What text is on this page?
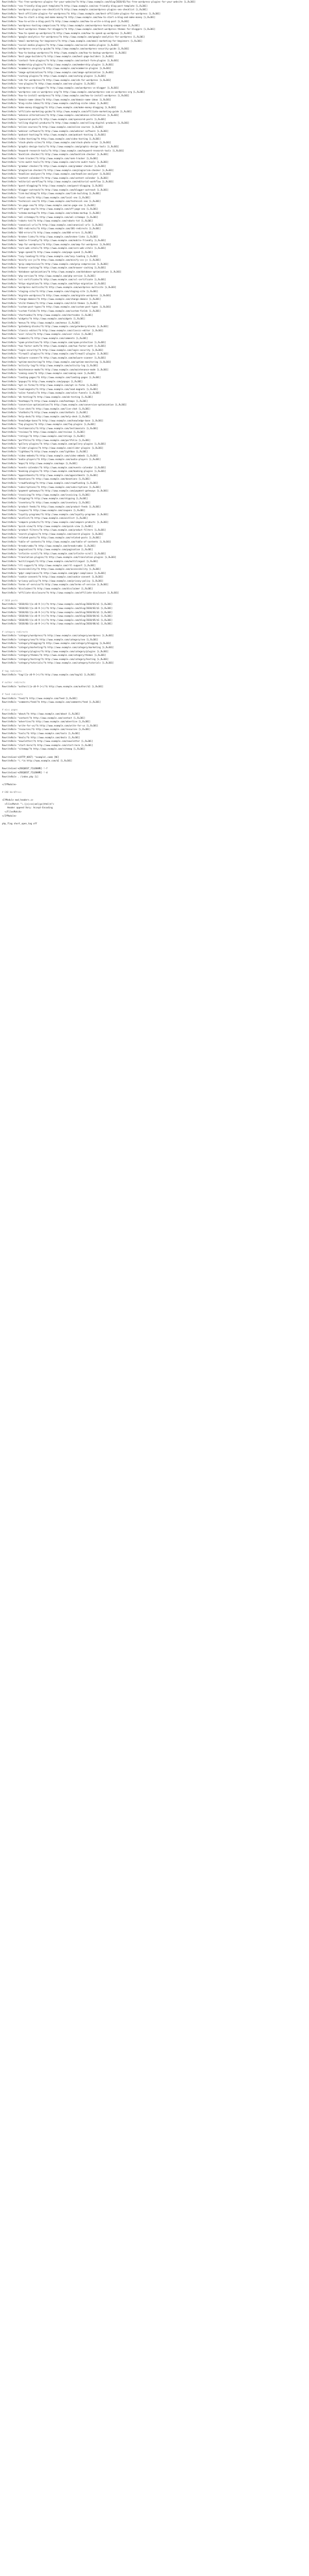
RewriteRule ^foc-free-wordpress-plugins-for-your-website/?$ http://www.example.com/blog/2018/01/foc-free-wordpress-plugins-for-your-website [L,R=301]
RewriteRule ^seo-friendly-blog-post-template/?$ http://www.example.com/seo-friendly-blog-post-template [L,R=301]
RewriteRule ^wordpress-plugins-seo-checklist/?$ http://www.example.com/wordpress-plugins-seo-checklist [L,R=301]
RewriteRule ^best-affiliate-plugins-for-wordpress/?$ http://www.example.com/best-affiliate-plugins-for-wordpress [L,R=301]
RewriteRule ^how-to-start-a-blog-and-make-money/?$ http://www.example.com/how-to-start-a-blog-and-make-money [L,R=301]
RewriteRule ^how-to-write-a-blog-post/?$ http://www.example.com/how-to-write-a-blog-post [L,R=301]
RewriteRule ^wordpress-hosting-comparison/?$ http://www.example.com/wordpress-hosting-comparison [L,R=301]
RewriteRule ^best-wordpress-themes-for-bloggers/?$ http://www.example.com/best-wordpress-themes-for-bloggers [L,R=301]
RewriteRule ^how-to-speed-up-wordpress/?$ http://www.example.com/how-to-speed-up-wordpress [L,R=301]
RewriteRule ^google-analytics-for-wordpress/?$ http://www.example.com/google-analytics-for-wordpress [L,R=301]
RewriteRule ^email-marketing-for-beginners/?$ http://www.example.com/email-marketing-for-beginners [L,R=301]
RewriteRule ^social-media-plugins/?$ http://www.example.com/social-media-plugins [L,R=301]
RewriteRule ^wordpress-security-guide/?$ http://www.example.com/wordpress-security-guide [L,R=301]
RewriteRule ^how-to-backup-wordpress/?$ http://www.example.com/how-to-backup-wordpress [L,R=301]
RewriteRule ^best-page-builders/?$ http://www.example.com/best-page-builders [L,R=301]
RewriteRule ^contact-form-plugins/?$ http://www.example.com/contact-form-plugins [L,R=301]
RewriteRule ^membership-plugins/?$ http://www.example.com/membership-plugins [L,R=301]
RewriteRule ^ecommerce-plugins/?$ http://www.example.com/ecommerce-plugins [L,R=301]
RewriteRule ^image-optimization/?$ http://www.example.com/image-optimization [L,R=301]
RewriteRule ^caching-plugins/?$ http://www.example.com/caching-plugins [L,R=301]
RewriteRule ^cdn-for-wordpress/?$ http://www.example.com/cdn-for-wordpress [L,R=301]
RewriteRule ^seo-plugins/?$ http://www.example.com/seo-plugins [L,R=301]
RewriteRule ^wordpress-vs-blogger/?$ http://www.example.com/wordpress-vs-blogger [L,R=301]
RewriteRule ^wordpress-com-vs-wordpress-org/?$ http://www.example.com/wordpress-com-vs-wordpress-org [L,R=301]
RewriteRule ^how-to-install-wordpress/?$ http://www.example.com/how-to-install-wordpress [L,R=301]
RewriteRule ^domain-name-ideas/?$ http://www.example.com/domain-name-ideas [L,R=301]
RewriteRule ^blog-niche-ideas/?$ http://www.example.com/blog-niche-ideas [L,R=301]
RewriteRule ^make-money-blogging/?$ http://www.example.com/make-money-blogging [L,R=301]
RewriteRule ^affiliate-marketing-guide/?$ http://www.example.com/affiliate-marketing-guide [L,R=301]
RewriteRule ^adsense-alternatives/?$ http://www.example.com/adsense-alternatives [L,R=301]
RewriteRule ^sponsored-posts/?$ http://www.example.com/sponsored-posts [L,R=301]
RewriteRule ^selling-digital-products/?$ http://www.example.com/selling-digital-products [L,R=301]
RewriteRule ^online-courses/?$ http://www.example.com/online-courses [L,R=301]
RewriteRule ^webinar-software/?$ http://www.example.com/webinar-software [L,R=301]
RewriteRule ^podcast-hosting/?$ http://www.example.com/podcast-hosting [L,R=301]
RewriteRule ^video-hosting/?$ http://www.example.com/video-hosting [L,R=301]
RewriteRule ^stock-photo-sites/?$ http://www.example.com/stock-photo-sites [L,R=301]
RewriteRule ^graphic-design-tools/?$ http://www.example.com/graphic-design-tools [L,R=301]
RewriteRule ^keyword-research-tools/?$ http://www.example.com/keyword-research-tools [L,R=301]
RewriteRule ^backlink-checker/?$ http://www.example.com/backlink-checker [L,R=301]
RewriteRule ^rank-tracker/?$ http://www.example.com/rank-tracker [L,R=301]
RewriteRule ^site-audit-tools/?$ http://www.example.com/site-audit-tools [L,R=301]
RewriteRule ^grammar-checker/?$ http://www.example.com/grammar-checker [L,R=301]
RewriteRule ^plagiarism-checker/?$ http://www.example.com/plagiarism-checker [L,R=301]
RewriteRule ^headline-analyzer/?$ http://www.example.com/headline-analyzer [L,R=301]
RewriteRule ^content-calendar/?$ http://www.example.com/content-calendar [L,R=301]
RewriteRule ^editorial-workflow/?$ http://www.example.com/editorial-workflow [L,R=301]
RewriteRule ^guest-blogging/?$ http://www.example.com/guest-blogging [L,R=301]
RewriteRule ^blogger-outreach/?$ http://www.example.com/blogger-outreach [L,R=301]
RewriteRule ^link-building/?$ http://www.example.com/link-building [L,R=301]
RewriteRule ^local-seo/?$ http://www.example.com/local-seo [L,R=301]
RewriteRule ^technical-seo/?$ http://www.example.com/technical-seo [L,R=301]
RewriteRule ^on-page-seo/?$ http://www.example.com/on-page-seo [L,R=301]
RewriteRule ^off-page-seo/?$ http://www.example.com/off-page-seo [L,R=301]
RewriteRule ^schema-markup/?$ http://www.example.com/schema-markup [L,R=301]
RewriteRule ^xml-sitemaps/?$ http://www.example.com/xml-sitemaps [L,R=301]
RewriteRule ^robots-txt/?$ http://www.example.com/robots-txt [L,R=301]
RewriteRule ^canonical-urls/?$ http://www.example.com/canonical-urls [L,R=301]
RewriteRule ^301-redirects/?$ http://www.example.com/301-redirects [L,R=301]
RewriteRule ^404-errors/?$ http://www.example.com/404-errors [L,R=301]
RewriteRule ^broken-links/?$ http://www.example.com/broken-links [L,R=301]
RewriteRule ^mobile-friendly/?$ http://www.example.com/mobile-friendly [L,R=301]
RewriteRule ^amp-for-wordpress/?$ http://www.example.com/amp-for-wordpress [L,R=301]
RewriteRule ^core-web-vitals/?$ http://www.example.com/core-web-vitals [L,R=301]
RewriteRule ^page-speed/?$ http://www.example.com/page-speed [L,R=301]
RewriteRule ^lazy-loading/?$ http://www.example.com/lazy-loading [L,R=301]
RewriteRule ^minify-css-js/?$ http://www.example.com/minify-css-js [L,R=301]
RewriteRule ^gzip-compression/?$ http://www.example.com/gzip-compression [L,R=301]
RewriteRule ^browser-caching/?$ http://www.example.com/browser-caching [L,R=301]
RewriteRule ^database-optimization/?$ http://www.example.com/database-optimization [L,R=301]
RewriteRule ^php-version/?$ http://www.example.com/php-version [L,R=301]
RewriteRule ^ssl-certificate/?$ http://www.example.com/ssl-certificate [L,R=301]
RewriteRule ^https-migration/?$ http://www.example.com/https-migration [L,R=301]
RewriteRule ^wordpress-multisite/?$ http://www.example.com/wordpress-multisite [L,R=301]
RewriteRule ^staging-site/?$ http://www.example.com/staging-site [L,R=301]
RewriteRule ^migrate-wordpress/?$ http://www.example.com/migrate-wordpress [L,R=301]
RewriteRule ^change-domain/?$ http://www.example.com/change-domain [L,R=301]
RewriteRule ^child-themes/?$ http://www.example.com/child-themes [L,R=301]
RewriteRule ^custom-post-types/?$ http://www.example.com/custom-post-types [L,R=301]
RewriteRule ^custom-fields/?$ http://www.example.com/custom-fields [L,R=301]
RewriteRule ^shortcodes/?$ http://www.example.com/shortcodes [L,R=301]
RewriteRule ^widgets/?$ http://www.example.com/widgets [L,R=301]
RewriteRule ^menus/?$ http://www.example.com/menus [L,R=301]
RewriteRule ^gutenberg-blocks/?$ http://www.example.com/gutenberg-blocks [L,R=301]
RewriteRule ^classic-editor/?$ http://www.example.com/classic-editor [L,R=301]
RewriteRule ^user-roles/?$ http://www.example.com/user-roles [L,R=301]
RewriteRule ^comments/?$ http://www.example.com/comments [L,R=301]
RewriteRule ^spam-protection/?$ http://www.example.com/spam-protection [L,R=301]
RewriteRule ^two-factor-auth/?$ http://www.example.com/two-factor-auth [L,R=301]
RewriteRule ^login-security/?$ http://www.example.com/login-security [L,R=301]
RewriteRule ^firewall-plugins/?$ http://www.example.com/firewall-plugins [L,R=301]
RewriteRule ^malware-scanner/?$ http://www.example.com/malware-scanner [L,R=301]
RewriteRule ^uptime-monitoring/?$ http://www.example.com/uptime-monitoring [L,R=301]
RewriteRule ^activity-log/?$ http://www.example.com/activity-log [L,R=301]
RewriteRule ^maintenance-mode/?$ http://www.example.com/maintenance-mode [L,R=301]
RewriteRule ^coming-soon/?$ http://www.example.com/coming-soon [L,R=301]
RewriteRule ^landing-pages/?$ http://www.example.com/landing-pages [L,R=301]
RewriteRule ^popups/?$ http://www.example.com/popups [L,R=301]
RewriteRule ^opt-in-forms/?$ http://www.example.com/opt-in-forms [L,R=301]
RewriteRule ^lead-magnets/?$ http://www.example.com/lead-magnets [L,R=301]
RewriteRule ^sales-funnels/?$ http://www.example.com/sales-funnels [L,R=301]
RewriteRule ^ab-testing/?$ http://www.example.com/ab-testing [L,R=301]
RewriteRule ^heatmaps/?$ http://www.example.com/heatmaps [L,R=301]
RewriteRule ^conversion-optimization/?$ http://www.example.com/conversion-optimization [L,R=301]
RewriteRule ^live-chat/?$ http://www.example.com/live-chat [L,R=301]
RewriteRule ^chatbots/?$ http://www.example.com/chatbots [L,R=301]
RewriteRule ^help-desk/?$ http://www.example.com/help-desk [L,R=301]
RewriteRule ^knowledge-base/?$ http://www.example.com/knowledge-base [L,R=301]
RewriteRule ^faq-plugins/?$ http://www.example.com/faq-plugins [L,R=301]
RewriteRule ^testimonials/?$ http://www.example.com/testimonials [L,R=301]
RewriteRule ^reviews/?$ http://www.example.com/reviews [L,R=301]
RewriteRule ^ratings/?$ http://www.example.com/ratings [L,R=301]
RewriteRule ^portfolio/?$ http://www.example.com/portfolio [L,R=301]
RewriteRule ^gallery-plugins/?$ http://www.example.com/gallery-plugins [L,R=301]
RewriteRule ^slider-plugins/?$ http://www.example.com/slider-plugins [L,R=301]
RewriteRule ^lightbox/?$ http://www.example.com/lightbox [L,R=301]
RewriteRule ^video-embeds/?$ http://www.example.com/video-embeds [L,R=301]
RewriteRule ^audio-players/?$ http://www.example.com/audio-players [L,R=301]
RewriteRule ^maps/?$ http://www.example.com/maps [L,R=301]
RewriteRule ^events-calendar/?$ http://www.example.com/events-calendar [L,R=301]
RewriteRule ^booking-plugins/?$ http://www.example.com/booking-plugins [L,R=301]
RewriteRule ^appointments/?$ http://www.example.com/appointments [L,R=301]
RewriteRule ^donations/?$ http://www.example.com/donations [L,R=301]
RewriteRule ^crowdfunding/?$ http://www.example.com/crowdfunding [L,R=301]
RewriteRule ^subscriptions/?$ http://www.example.com/subscriptions [L,R=301]
RewriteRule ^payment-gateways/?$ http://www.example.com/payment-gateways [L,R=301]
RewriteRule ^invoicing/?$ http://www.example.com/invoicing [L,R=301]
RewriteRule ^shipping/?$ http://www.example.com/shipping [L,R=301]
RewriteRule ^inventory/?$ http://www.example.com/inventory [L,R=301]
RewriteRule ^product-feeds/?$ http://www.example.com/product-feeds [L,R=301]
RewriteRule ^coupons/?$ http://www.example.com/coupons [L,R=301]
RewriteRule ^loyalty-programs/?$ http://www.example.com/loyalty-programs [L,R=301]
RewriteRule ^wishlist/?$ http://www.example.com/wishlist [L,R=301]
RewriteRule ^compare-products/?$ http://www.example.com/compare-products [L,R=301]
RewriteRule ^quick-view/?$ http://www.example.com/quick-view [L,R=301]
RewriteRule ^product-filters/?$ http://www.example.com/product-filters [L,R=301]
RewriteRule ^search-plugins/?$ http://www.example.com/search-plugins [L,R=301]
RewriteRule ^related-posts/?$ http://www.example.com/related-posts [L,R=301]
RewriteRule ^table-of-contents/?$ http://www.example.com/table-of-contents [L,R=301]
RewriteRule ^breadcrumbs/?$ http://www.example.com/breadcrumbs [L,R=301]
RewriteRule ^pagination/?$ http://www.example.com/pagination [L,R=301]
RewriteRule ^infinite-scroll/?$ http://www.example.com/infinite-scroll [L,R=301]
RewriteRule ^translation-plugins/?$ http://www.example.com/translation-plugins [L,R=301]
RewriteRule ^multilingual/?$ http://www.example.com/multilingual [L,R=301]
RewriteRule ^rtl-support/?$ http://www.example.com/rtl-support [L,R=301]
RewriteRule ^accessibility/?$ http://www.example.com/accessibility [L,R=301]
RewriteRule ^gdpr-compliance/?$ http://www.example.com/gdpr-compliance [L,R=301]
RewriteRule ^cookie-consent/?$ http://www.example.com/cookie-consent [L,R=301]
RewriteRule ^privacy-policy/?$ http://www.example.com/privacy-policy [L,R=301]
RewriteRule ^terms-of-service/?$ http://www.example.com/terms-of-service [L,R=301]
RewriteRule ^disclaimer/?$ http://www.example.com/disclaimer [L,R=301]
RewriteRule ^affiliate-disclosure/?$ http://www.example.com/affiliate-disclosure [L,R=301]
# 2018 posts
RewriteRule ^2018/01/([a-z0-9-]+)/?$ http://www.example.com/blog/2018/01/$1 [L,R=301]
RewriteRule ^2018/02/([a-z0-9-]+)/?$ http://www.example.com/blog/2018/02/$1 [L,R=301]
RewriteRule ^2018/03/([a-z0-9-]+)/?$ http://www.example.com/blog/2018/03/$1 [L,R=301]
RewriteRule ^2018/04/([a-z0-9-]+)/?$ http://www.example.com/blog/2018/04/$1 [L,R=301]
RewriteRule ^2018/05/([a-z0-9-]+)/?$ http://www.example.com/blog/2018/05/$1 [L,R=301]
RewriteRule ^2018/06/([a-z0-9-]+)/?$ http://www.example.com/blog/2018/06/$1 [L,R=301]
# category redirects
RewriteRule ^category/wordpress/?$ http://www.example.com/category/wordpress [L,R=301]
RewriteRule ^category/seo/?$ http://www.example.com/category/seo [L,R=301]
RewriteRule ^category/blogging/?$ http://www.example.com/category/blogging [L,R=301]
RewriteRule ^category/marketing/?$ http://www.example.com/category/marketing [L,R=301]
RewriteRule ^category/plugins/?$ http://www.example.com/category/plugins [L,R=301]
RewriteRule ^category/themes/?$ http://www.example.com/category/themes [L,R=301]
RewriteRule ^category/hosting/?$ http://www.example.com/category/hosting [L,R=301]
RewriteRule ^category/tutorials/?$ http://www.example.com/category/tutorials [L,R=301]
# tag redirects
RewriteRule ^tag/([a-z0-9-]+)/?$ http://www.example.com/tag/$1 [L,R=301]
# author redirects
RewriteRule ^author/([a-z0-9-]+)/?$ http://www.example.com/author/$1 [L,R=301]
# feed redirects
RewriteRule ^feed/?$ http://www.example.com/feed [L,R=301]
RewriteRule ^comments/feed/?$ http://www.example.com/comments/feed [L,R=301]
# misc pages
RewriteRule ^about/?$ http://www.example.com/about [L,R=301]
RewriteRule ^contact/?$ http://www.example.com/contact [L,R=301]
RewriteRule ^advertise/?$ http://www.example.com/advertise [L,R=301]
RewriteRule ^write-for-us/?$ http://www.example.com/write-for-us [L,R=301]
RewriteRule ^resources/?$ http://www.example.com/resources [L,R=301]
RewriteRule ^tools/?$ http://www.example.com/tools [L,R=301]
RewriteRule ^deals/?$ http://www.example.com/deals [L,R=301]
RewriteRule ^newsletter/?$ http://www.example.com/newsletter [L,R=301]
RewriteRule ^start-here/?$ http://www.example.com/start-here [L,R=301]
RewriteRule ^sitemap/?$ http://www.example.com/sitemap [L,R=301]
RewriteCond %{HTTP_HOST} ^example\.com$ [NC]
RewriteRule ^(.*)$ http://www.example.com/$1 [L,R=301]
RewriteCond %{REQUEST_FILENAME} !-f
RewriteCond %{REQUEST_FILENAME} !-d
RewriteRule . /index.php [L]
</IfModule>
# END WordPress
<IfModule mod_headers.c>
<FilesMatch "\.(js|css|xml|gz|html)$">
Header append Vary: Accept-Encoding
</FilesMatch>
</IfModule>
php_flag short_open_tag off
